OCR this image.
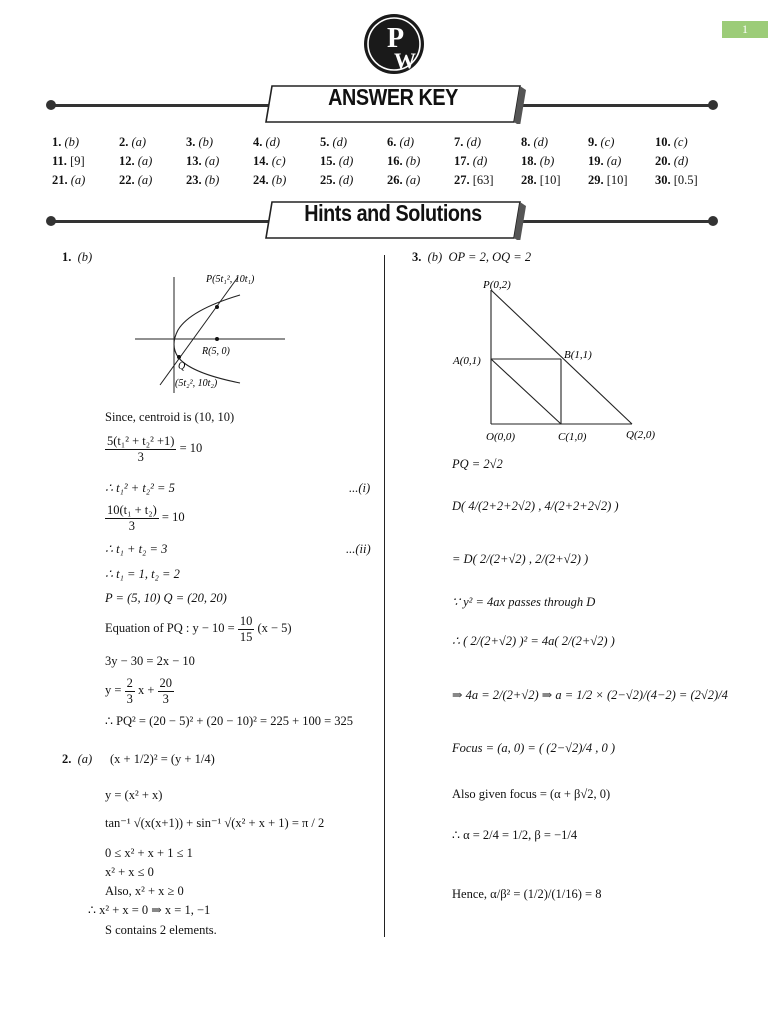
1
P
W
ANSWER KEY
1. (b)	2. (a)	3. (b)	4. (d)	5. (d)	6. (d)	7. (d)	8. (d)	9. (c)	10. (c)
11. [9]	12. (a)	13. (a)	14. (c)	15. (d)	16. (b)	17. (d)	18. (b)	19. (a)	20. (d)
21. (a)	22. (a)	23. (b)	24. (b)	25. (d)	26. (a)	27. [63]	28. [10]	29. [10]	30. [0.5]
Hints and Solutions
1. (b)
P(5t₁², 10t₁)
R(5, 0)
Q
(5t₂², 10t₂)
Since, centroid is (10, 10)
$\frac{\text{5(t₁² + t₂² +1)}}{3} = 10$
∴ t₁² + t₂² = 5	...(i)
$\frac{\text{10(t₁ + t₂)}}{3} = 10$
∴ t₁ + t₂ = 3	...(ii)
∴ t₁ = 1, t₂ = 2
P = (5, 10) Q = (20, 20)
Equation of PQ : $y - 10 = \frac{10}{15} (x - 5)$
3y − 30 = 2x − 10
$y = \frac{2}{3}$ $x + \frac{20}{3}$
∴ PQ² = (20 − 5)² + (20 − 10)² = 225 + 100 = 325
2. (a) (x + 1/2)² = (y + 1/4)
y = (x² + x)
tan⁻¹ √(x(x+1)) + sin⁻¹ √(x² + x + 1) = π / 2
0 ≤ x² + x + 1 ≤ 1
x² + x ≤ 0
Also, x² + x ≥ 0
∴ x² + x = 0 ⇒ x = 1, −1
S contains 2 elements.
3. (b) OP = 2, OQ = 2
P(0,2)
A(0,1)	B(1,1)
O(0,0)	C(1,0)	Q(2,0)
PQ = 2√2
D( 4/(2+2+2√2) , 4/(2+2+2√2) )
= D( 2/(2+√2) , 2/(2+√2) )
∵ y² = 4ax passes through D
∴ ( 2/(2+√2) )² = 4a( 2/(2+√2) )
⇒ 4a = 2/(2+√2) ⇒ a = 1/2 × (2−√2)/(4−2) = (2√2)/4
Focus = (a, 0) = ( (2−√2)/4 , 0 )
Also given focus = (α + β√2, 0)
∴ α = 2/4 = 1/2, β = −1/4
Hence, α/β² = (1/2)/(1/16) = 8
